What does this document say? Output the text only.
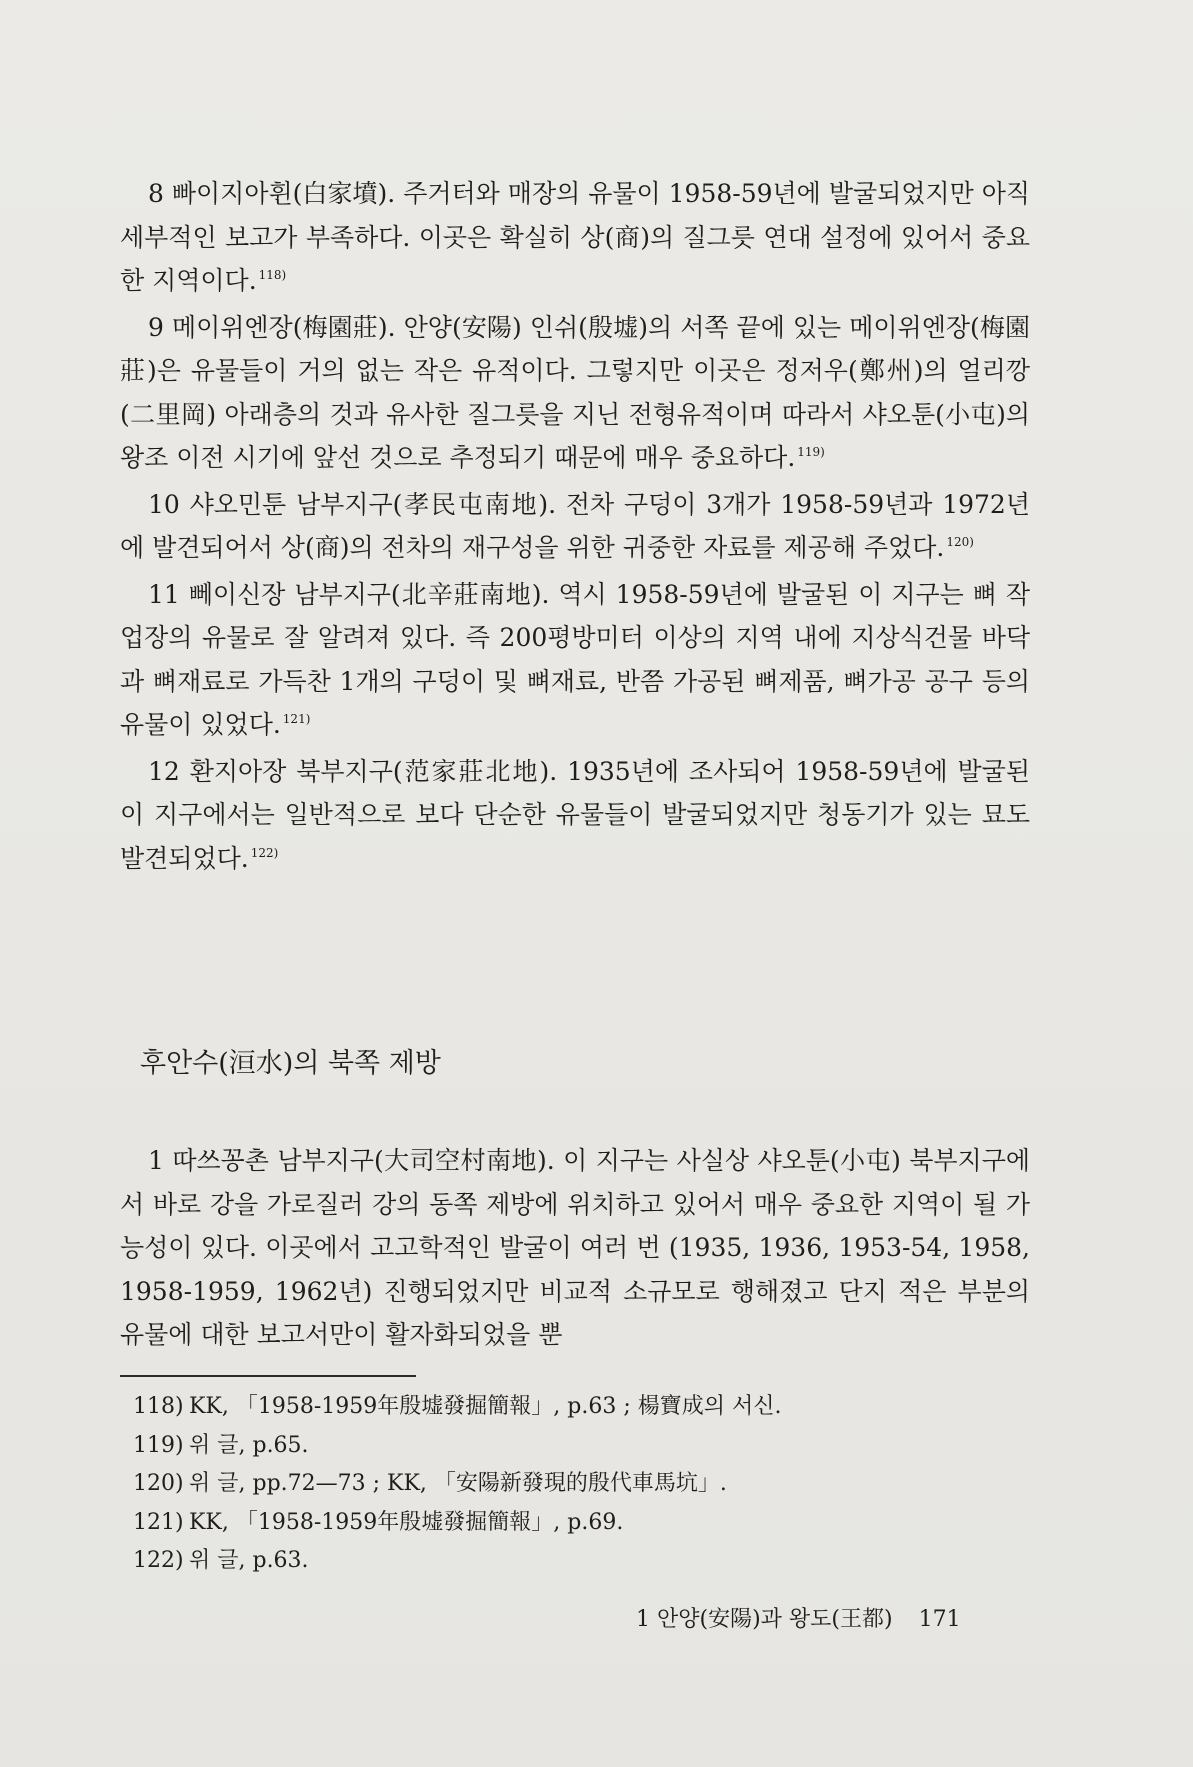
8 빠이지아휜(白家墳). 주거터와 매장의 유물이 1958-59년에 발굴되었지만 아직 세부적인 보고가 부족하다. 이곳은 확실히 상(商)의 질그릇 연대 설정에 있어서 중요한 지역이다. $^{118)}$

9 메이위엔장(梅園莊). 안양(安陽) 인쉬(殷墟)의 서쪽 끝에 있는 메이위엔장(梅園莊)은 유물들이 거의 없는 작은 유적이다. 그렇지만 이곳은 정저우(鄭州)의 얼리깡(二里岡) 아래층의 것과 유사한 질그릇을 지닌 전형유적이며 따라서 샤오툰(小屯)의 왕조 이전 시기에 앞선 것으로 추정되기 때문에 매우 중요하다. $^{119)}$

10 샤오민툰 남부지구(孝民屯南地). 전차 구덩이 3개가 1958-59년과 1972년에 발견되어서 상(商)의 전차의 재구성을 위한 귀중한 자료를 제공해 주었다. $^{120)}$

11 뻬이신장 남부지구(北辛莊南地). 역시 1958-59년에 발굴된 이 지구는 뼈 작업장의 유물로 잘 알려져 있다. 즉 200평방미터 이상의 지역 내에 지상식건물 바닥과 뼈재료로 가득찬 1개의 구덩이 및 뼈재료, 반쯤 가공된 뼈제품, 뼈가공 공구 등의 유물이 있었다. $^{121)}$

12 환지아장 북부지구(范家莊北地). 1935년에 조사되어 1958-59년에 발굴된 이 지구에서는 일반적으로 보다 단순한 유물들이 발굴되었지만 청동기가 있는 묘도 발견되었다. $^{122)}$

후안수(洹水)의 북쪽 제방

1 따쓰꽁촌 남부지구(大司空村南地). 이 지구는 사실상 샤오툰(小屯) 북부지구에서 바로 강을 가로질러 강의 동쪽 제방에 위치하고 있어서 매우 중요한 지역이 될 가능성이 있다. 이곳에서 고고학적인 발굴이 여러 번 (1935, 1936, 1953-54, 1958, 1958-1959, 1962년) 진행되었지만 비교적 소규모로 행해졌고 단지 적은 부분의 유물에 대한 보고서만이 활자화되었을 뿐

118) KK, 「1958-1959年殷墟發掘簡報」, p.63 ; 楊寶成의 서신.
119) 위 글, p.65.
120) 위 글, pp.72—73 ; KK, 「安陽新發現的殷代車馬坑」.
121) KK, 「1958-1959年殷墟發掘簡報」, p.69.
122) 위 글, p.63.
1 안양(安陽)과 왕도(王都) 171
